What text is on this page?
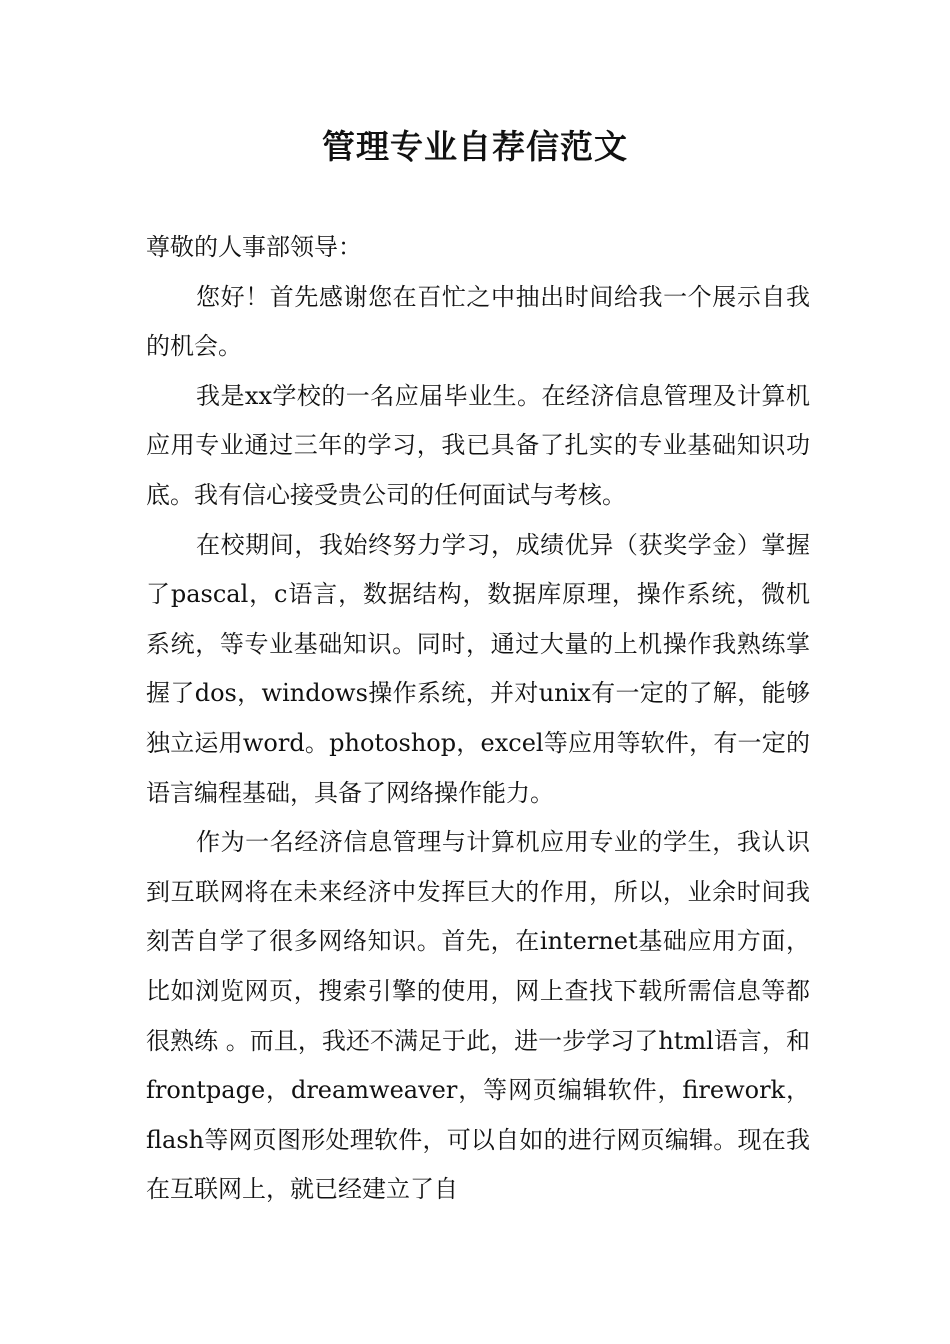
管理专业自荐信范文

尊敬的人事部领导：

您好！首先感谢您在百忙之中抽出时间给我一个展示自我的机会。

我是xx学校的一名应届毕业生。在经济信息管理及计算机应用专业通过三年的学习，我已具备了扎实的专业基础知识功底。我有信心接受贵公司的任何面试与考核。

在校期间，我始终努力学习，成绩优异（获奖学金）掌握了pascal，c语言，数据结构，数据库原理，操作系统，微机系统，等专业基础知识。同时，通过大量的上机操作我熟练掌握了dos，windows操作系统，并对unix有一定的了解，能够独立运用word。photoshop，excel等应用等软件，有一定的语言编程基础，具备了网络操作能力。

作为一名经济信息管理与计算机应用专业的学生，我认识到互联网将在未来经济中发挥巨大的作用，所以，业余时间我刻苦自学了很多网络知识。首先，在internet基础应用方面，比如浏览网页，搜索引擎的使用，网上查找下载所需信息等都很熟练 。而且，我还不满足于此，进一步学习了html语言，和frontpage，dreamweaver，等网页编辑软件，firework，flash等网页图形处理软件，可以自如的进行网页编辑。现在我在互联网上，就已经建立了自
